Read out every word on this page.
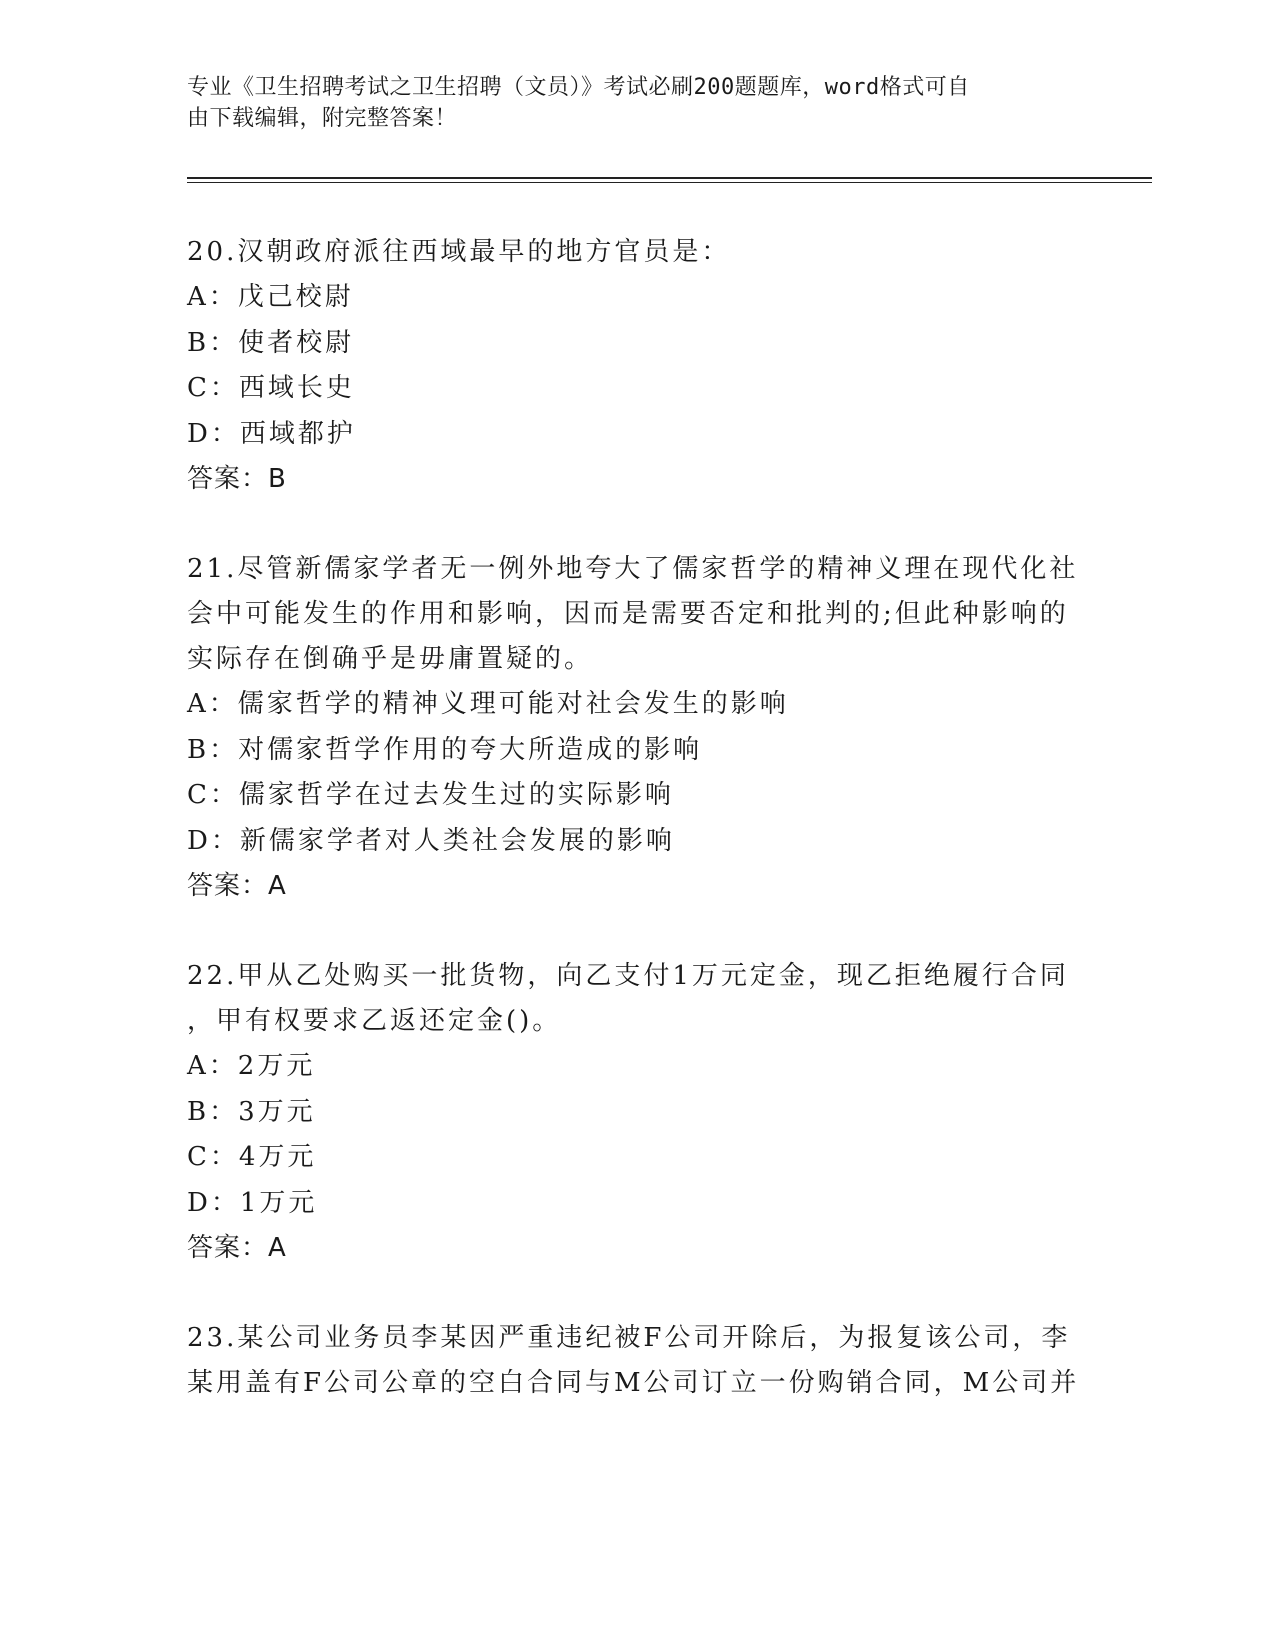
专业《卫生招聘考试之卫生招聘（文员）》考试必刷200题题库，word格式可自
由下载编辑，附完整答案！
20.汉朝政府派往西域最早的地方官员是：
A：戊己校尉
B：使者校尉
C：西域长史
D：西域都护
答案：B
21.尽管新儒家学者无一例外地夸大了儒家哲学的精神义理在现代化社
会中可能发生的作用和影响，因而是需要否定和批判的;但此种影响的
实际存在倒确乎是毋庸置疑的。
A：儒家哲学的精神义理可能对社会发生的影响
B：对儒家哲学作用的夸大所造成的影响
C：儒家哲学在过去发生过的实际影响
D：新儒家学者对人类社会发展的影响
答案：A
22.甲从乙处购买一批货物，向乙支付1万元定金，现乙拒绝履行合同
，甲有权要求乙返还定金()。
A：2万元
B：3万元
C：4万元
D：1万元
答案：A
23.某公司业务员李某因严重违纪被F公司开除后，为报复该公司，李
某用盖有F公司公章的空白合同与M公司订立一份购销合同，M公司并
